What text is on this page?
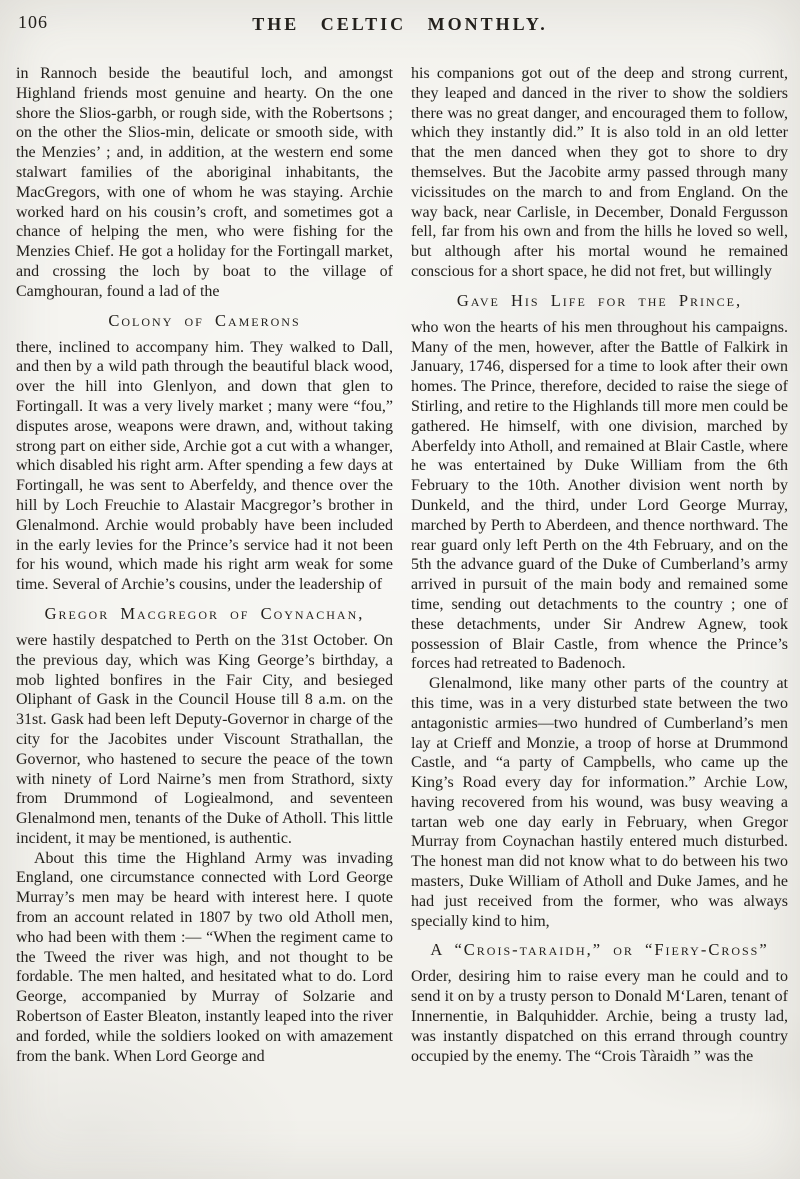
106	THE CELTIC MONTHLY.

in Rannoch beside the beautiful loch, and amongst Highland friends most genuine and hearty. On the one shore the Slios-garbh, or rough side, with the Robertsons ; on the other the Slios-min, delicate or smooth side, with the Menzies’ ; and, in addition, at the western end some stalwart families of the aboriginal inhabitants, the MacGregors, with one of whom he was staying. Archie worked hard on his cousin’s croft, and sometimes got a chance of helping the men, who were fishing for the Menzies Chief. He got a holiday for the Fortingall market, and crossing the loch by boat to the village of Camghouran, found a lad of the

Colony of Camerons

there, inclined to accompany him. They walked to Dall, and then by a wild path through the beautiful black wood, over the hill into Glenlyon, and down that glen to Fortingall. It was a very lively market ; many were “fou,” disputes arose, weapons were drawn, and, without taking strong part on either side, Archie got a cut with a whanger, which disabled his right arm. After spending a few days at Fortingall, he was sent to Aberfeldy, and thence over the hill by Loch Freuchie to Alastair Macgregor’s brother in Glenalmond. Archie would probably have been included in the early levies for the Prince’s service had it not been for his wound, which made his right arm weak for some time. Several of Archie’s cousins, under the leadership of

Gregor Macgregor of Coynachan,

were hastily despatched to Perth on the 31st October. On the previous day, which was King George’s birthday, a mob lighted bonfires in the Fair City, and besieged Oliphant of Gask in the Council House till 8 a.m. on the 31st. Gask had been left Deputy-Governor in charge of the city for the Jacobites under Viscount Strathallan, the Governor, who hastened to secure the peace of the town with ninety of Lord Nairne’s men from Strathord, sixty from Drummond of Logiealmond, and seventeen Glenalmond men, tenants of the Duke of Atholl. This little incident, it may be mentioned, is authentic.

About this time the Highland Army was invading England, one circumstance connected with Lord George Murray’s men may be heard with interest here. I quote from an account related in 1807 by two old Atholl men, who had been with them :— “When the regiment came to the Tweed the river was high, and not thought to be fordable. The men halted, and hesitated what to do. Lord George, accompanied by Murray of Solzarie and Robertson of Easter Bleaton, instantly leaped into the river and forded, while the soldiers looked on with amazement from the bank. When Lord George and

his companions got out of the deep and strong current, they leaped and danced in the river to show the soldiers there was no great danger, and encouraged them to follow, which they instantly did.” It is also told in an old letter that the men danced when they got to shore to dry themselves. But the Jacobite army passed through many vicissitudes on the march to and from England. On the way back, near Carlisle, in December, Donald Fergusson fell, far from his own and from the hills he loved so well, but although after his mortal wound he remained conscious for a short space, he did not fret, but willingly

Gave His Life for the Prince,

who won the hearts of his men throughout his campaigns. Many of the men, however, after the Battle of Falkirk in January, 1746, dispersed for a time to look after their own homes. The Prince, therefore, decided to raise the siege of Stirling, and retire to the Highlands till more men could be gathered. He himself, with one division, marched by Aberfeldy into Atholl, and remained at Blair Castle, where he was entertained by Duke William from the 6th February to the 10th. Another division went north by Dunkeld, and the third, under Lord George Murray, marched by Perth to Aberdeen, and thence northward. The rear guard only left Perth on the 4th February, and on the 5th the advance guard of the Duke of Cumberland’s army arrived in pursuit of the main body and remained some time, sending out detachments to the country ; one of these detachments, under Sir Andrew Agnew, took possession of Blair Castle, from whence the Prince’s forces had retreated to Badenoch.

Glenalmond, like many other parts of the country at this time, was in a very disturbed state between the two antagonistic armies—two hundred of Cumberland’s men lay at Crieff and Monzie, a troop of horse at Drummond Castle, and “a party of Campbells, who came up the King’s Road every day for information.” Archie Low, having recovered from his wound, was busy weaving a tartan web one day early in February, when Gregor Murray from Coynachan hastily entered much disturbed. The honest man did not know what to do between his two masters, Duke William of Atholl and Duke James, and he had just received from the former, who was always specially kind to him,

A “Crois-taraidh,” or “Fiery-Cross”

Order, desiring him to raise every man he could and to send it on by a trusty person to Donald M‘Laren, tenant of Innernentie, in Balquhidder. Archie, being a trusty lad, was instantly dispatched on this errand through country occupied by the enemy. The “Crois Tàraidh ” was the
